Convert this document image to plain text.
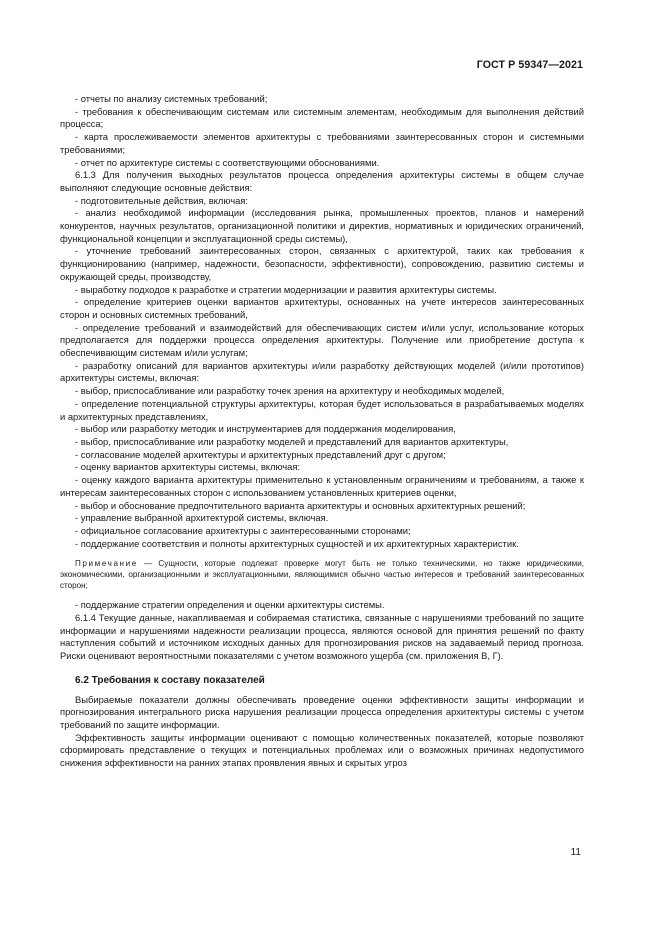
ГОСТ Р 59347—2021

- отчеты по анализу системных требований;

- требования к обеспечивающим системам или системным элементам, необходимым для выполнения действий процесса;

- карта прослеживаемости элементов архитектуры с требованиями заинтересованных сторон и системными требованиями;

- отчет по архитектуре системы с соответствующими обоснованиями.

6.1.3 Для получения выходных результатов процесса определения архитектуры системы в общем случае выполняют следующие основные действия:

- подготовительные действия, включая:

- анализ необходимой информации (исследования рынка, промышленных проектов, планов и намерений конкурентов, научных результатов, организационной политики и директив, нормативных и юридических ограничений, функциональной концепции и эксплуатационной среды системы),

- уточнение требований заинтересованных сторон, связанных с архитектурой, таких как требования к функционированию (например, надежности, безопасности, эффективности), сопровождению, развитию системы и окружающей среды, производству,

- выработку подходов к разработке и стратегии модернизации и развития архитектуры системы.

- определение критериев оценки вариантов архитектуры, основанных на учете интересов заинтересованных сторон и основных системных требований,

- определение требований и взаимодействий для обеспечивающих систем и/или услуг, использование которых предполагается для поддержки процесса определения архитектуры. Получение или приобретение доступа к обеспечивающим системам и/или услугам;

- разработку описаний для вариантов архитектуры и/или разработку действующих моделей (и/или прототипов) архитектуры системы, включая:

- выбор, приспосабливание или разработку точек зрения на архитектуру и необходимых моделей,

- определение потенциальной структуры архитектуры, которая будет использоваться в разрабатываемых моделях и архитектурных представлениях,

- выбор или разработку методик и инструментариев для поддержания моделирования,

- выбор, приспосабливание или разработку моделей и представлений для вариантов архитектуры,

- согласование моделей архитектуры и архитектурных представлений друг с другом;

- оценку вариантов архитектуры системы, включая:

- оценку каждого варианта архитектуры применительно к установленным ограничениям и требованиям, а также к интересам заинтересованных сторон с использованием установленных критериев оценки,

- выбор и обоснование предпочтительного варианта архитектуры и основных архитектурных решений;

- управление выбранной архитектурой системы, включая.

- официальное согласование архитектуры с заинтересованными сторонами;

- поддержание соответствия и полноты архитектурных сущностей и их архитектурных характеристик.

Примечание — Сущности, которые подлежат проверке могут быть не только техническими, но также юридическими, экономическими, организационными и эксплуатационными, являющимися обычно частью интересов и требований заинтересованных сторон;

- поддержание стратегии определения и оценки архитектуры системы.

6.1.4 Текущие данные, накапливаемая и собираемая статистика, связанные с нарушениями требований по защите информации и нарушениями надежности реализации процесса, являются основой для принятия решений по факту наступления событий и источником исходных данных для прогнозирования рисков на задаваемый период прогноза. Риски оценивают вероятностными показателями с учетом возможного ущерба (см. приложения В, Г).

6.2 Требования к составу показателей

Выбираемые показатели должны обеспечивать проведение оценки эффективности защиты информации и прогнозирования интегрального риска нарушения реализации процесса определения архитектуры системы с учетом требований по защите информации.

Эффективность защиты информации оценивают с помощью количественных показателей, которые позволяют сформировать представление о текущих и потенциальных проблемах или о возможных причинах недопустимого снижения эффективности на ранних этапах проявления явных и скрытых угроз

11
